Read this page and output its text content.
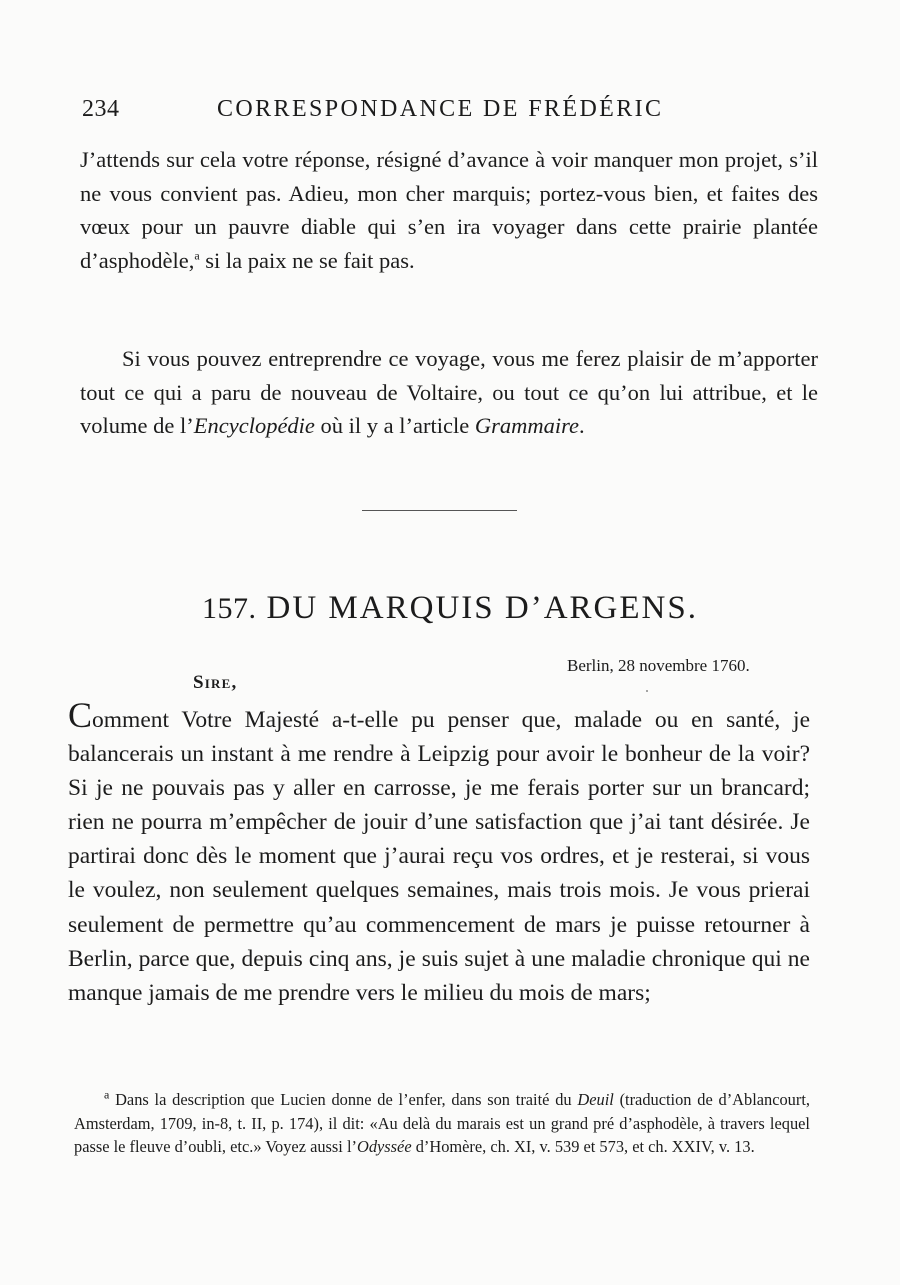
234	CORRESPONDANCE DE FRÉDÉRIC

J’attends sur cela votre réponse, résigné d’avance à voir manquer mon projet, s’il ne vous convient pas. Adieu, mon cher marquis; portez-vous bien, et faites des vœux pour un pauvre diable qui s’en ira voyager dans cette prairie plantée d’asphodèle,$^a$ si la paix ne se fait pas.

Si vous pouvez entreprendre ce voyage, vous me ferez plaisir de m’apporter tout ce qui a paru de nouveau de Voltaire, ou tout ce qu’on lui attribue, et le volume de l’Encyclopédie où il y a l’article Grammaire.

157. DU MARQUIS D’ARGENS.
Berlin, 28 novembre 1760.
Sire,

Comment Votre Majesté a-t-elle pu penser que, malade ou en santé, je balancerais un instant à me rendre à Leipzig pour avoir le bonheur de la voir? Si je ne pouvais pas y aller en carrosse, je me ferais porter sur un brancard; rien ne pourra m’empêcher de jouir d’une satisfaction que j’ai tant désirée. Je partirai donc dès le moment que j’aurai reçu vos ordres, et je resterai, si vous le voulez, non seulement quelques semaines, mais trois mois. Je vous prierai seulement de permettre qu’au commencement de mars je puisse retourner à Berlin, parce que, depuis cinq ans, je suis sujet à une maladie chronique qui ne manque jamais de me prendre vers le milieu du mois de mars;

$^a$ Dans la description que Lucien donne de l’enfer, dans son traité du Deuil (traduction de d’Ablancourt, Amsterdam, 1709, in-8, t. II, p. 174), il dit: «Au delà du marais est un grand pré d’asphodèle, à travers lequel passe le fleuve d’oubli, etc.» Voyez aussi l’Odyssée d’Homère, ch. XI, v. 539 et 573, et ch. XXIV, v. 13.
